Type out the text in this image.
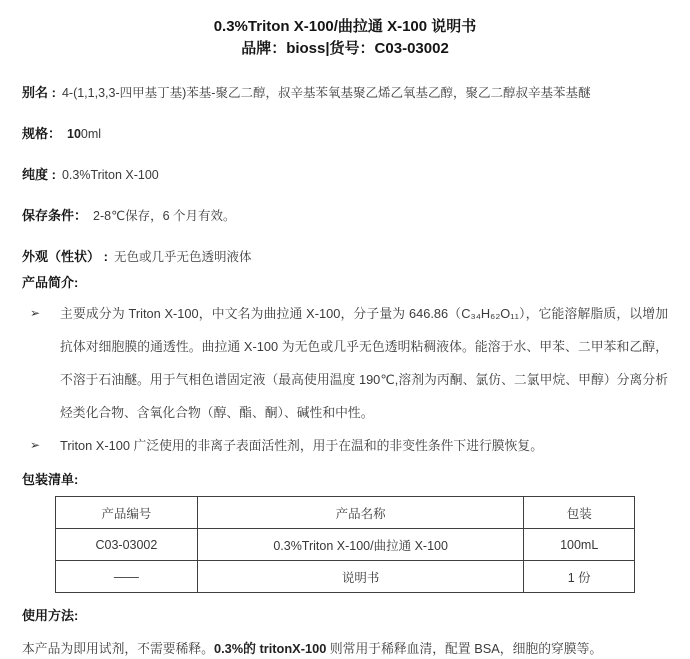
0.3%Triton X-100/曲拉通 X-100 说明书
品牌：bioss|货号：C03-03002
别名 : 4-(1,1,3,3-四甲基丁基)苯基-聚乙二醇，叔辛基苯氧基聚乙烯乙氧基乙醇，聚乙二醇叔辛基苯基醚
规格： 100ml
纯度 : 0.3%Triton X-100
保存条件： 2-8℃保存，6 个月有效。
外观（性状） : 无色或几乎无色透明液体
产品简介:
➢	主要成分为 Triton X-100，中文名为曲拉通 X-100，分子量为 646.86（C₃₄H₆₂O₁₁），它能溶解脂质，以增加抗体对细胞膜的通透性。曲拉通 X-100 为无色或几乎无色透明粘稠液体。能溶于水、甲苯、二甲苯和乙醇，不溶于石油醚。用于气相色谱固定液（最高使用温度 190℃,溶剂为丙酮、氯仿、二氯甲烷、甲醇）分离分析烃类化合物、含氧化合物（醇、酯、酮）、碱性和中性。
➢	Triton X-100 广泛使用的非离子表面活性剂，用于在温和的非变性条件下进行膜恢复。
包装清单:
产品编号	产品名称	包装
C03-03002	0.3%Triton X-100/曲拉通 X-100	100mL
——	说明书	1 份
使用方法:
本产品为即用试剂，不需要稀释。0.3%的 tritonX-100 则常用于稀释血清，配置 BSA，细胞的穿膜等。
